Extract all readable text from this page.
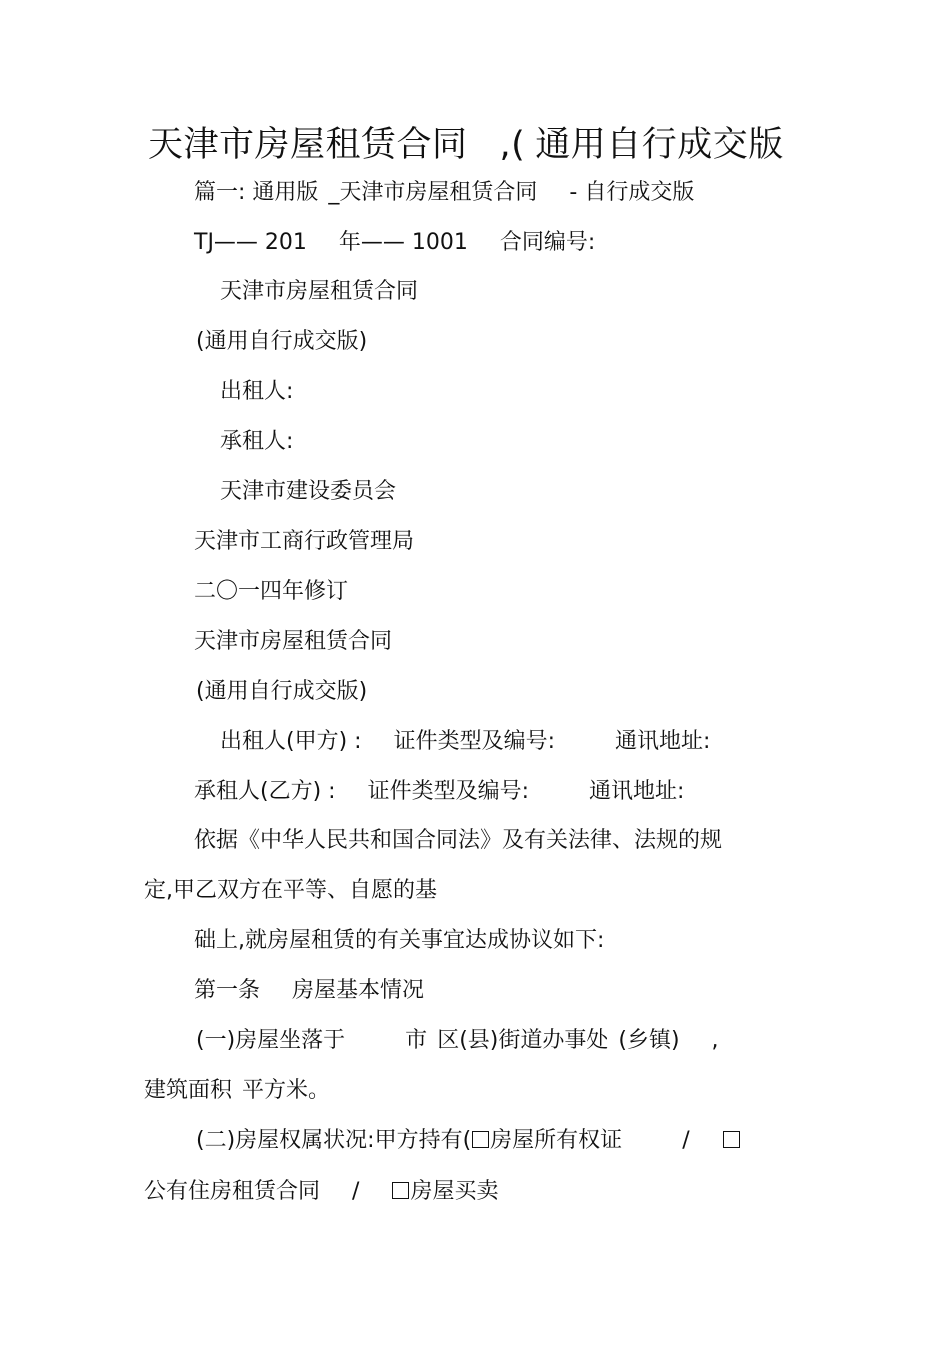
天津市房屋租赁合同 ,( 通用自行成交版
篇一: 通用版 _天津市房屋租赁合同 - 自行成交版
TJ—— 201 年—— 1001 合同编号:
天津市房屋租赁合同
(通用自行成交版)
出租人:
承租人:
天津市建设委员会
天津市工商行政管理局
二〇一四年修订
天津市房屋租赁合同
(通用自行成交版)
出租人(甲方) : 证件类型及编号:	通讯地址:
承租人(乙方) : 证件类型及编号:	通讯地址:
依据《中华人民共和国合同法》及有关法律、法规的规
定,甲乙双方在平等、自愿的基
础上,就房屋租赁的有关事宜达成协议如下:
第一条 房屋基本情况
(一)房屋坐落于	市 区(县)街道办事处 (乡镇) ,
建筑面积 平方米。
(二)房屋权属状况:甲方持有( 房屋所有权证	/
公有住房租赁合同 / 房屋买卖
